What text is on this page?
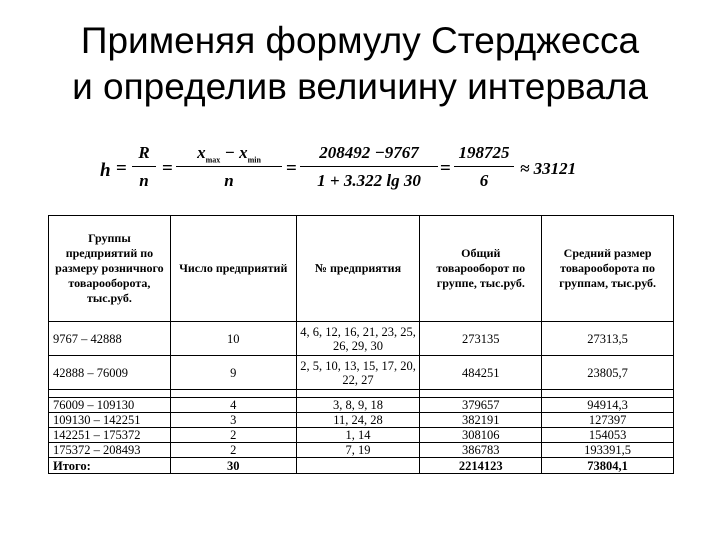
Применяя формулу Стерджесса
и определив величину интервала
$h = \frac{R}{n}$ =
$x_{max} - x_{min}$
n
= $\frac{208492 -9767}{1 + 3.322 \lg 30} = \frac{198725}{6} \approx 33121$
Группы предприятий по размеру розничного товарооборота, тыс.руб.	Число предприятий	№ предприятия	Общий товарооборот по группе, тыс.руб.	Средний размер товарооборота по группам, тыс.руб.
9767 – 42888	10	4, 6, 12, 16, 21, 23, 25, 26, 29, 30	273135	27313,5
42888 – 76009	9	2, 5, 10, 13, 15, 17, 20, 22, 27	484251	23805,7

76009 – 109130	4	3, 8, 9, 18	379657	94914,3
109130 – 142251	3	11, 24, 28	382191	127397
142251 – 175372	2	1, 14	308106	154053
175372 – 208493	2	7, 19	386783	193391,5
Итого:	30		2214123	73804,1
